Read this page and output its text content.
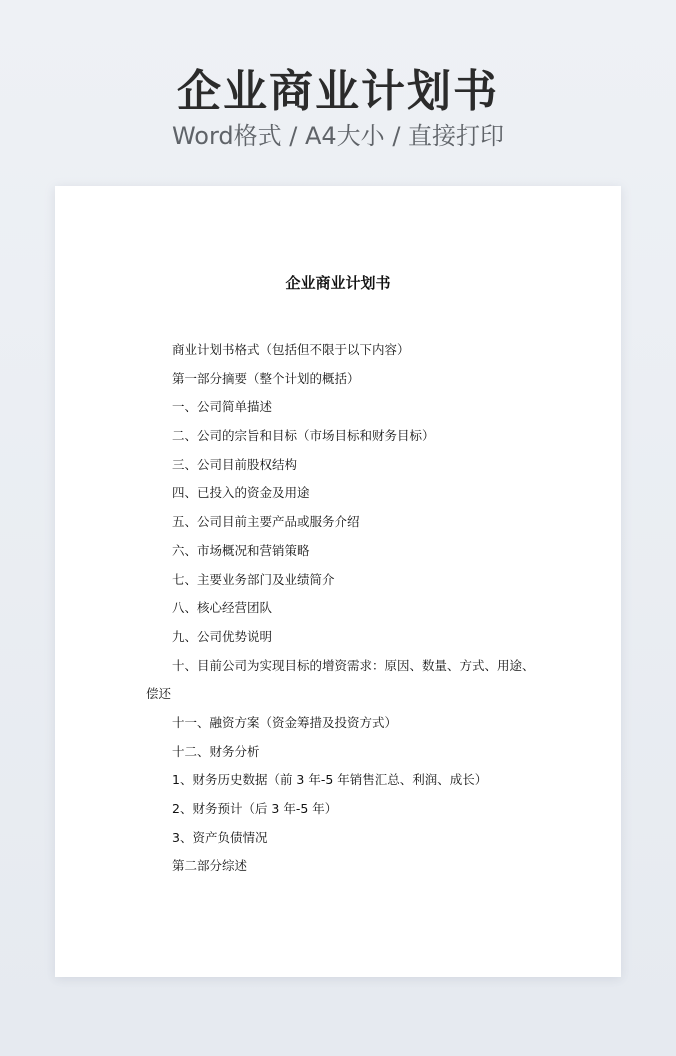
企业商业计划书
Word格式 / A4大小 / 直接打印
企业商业计划书
商业计划书格式（包括但不限于以下内容）
第一部分摘要（整个计划的概括）
一、公司简单描述
二、公司的宗旨和目标（市场目标和财务目标）
三、公司目前股权结构
四、已投入的资金及用途
五、公司目前主要产品或服务介绍
六、市场概况和营销策略
七、主要业务部门及业绩简介
八、核心经营团队
九、公司优势说明
十、目前公司为实现目标的增资需求：原因、数量、方式、用途、
偿还
十一、融资方案（资金筹措及投资方式）
十二、财务分析
1、财务历史数据（前 3 年-5 年销售汇总、利润、成长）
2、财务预计（后 3 年-5 年）
3、资产负债情况
第二部分综述
